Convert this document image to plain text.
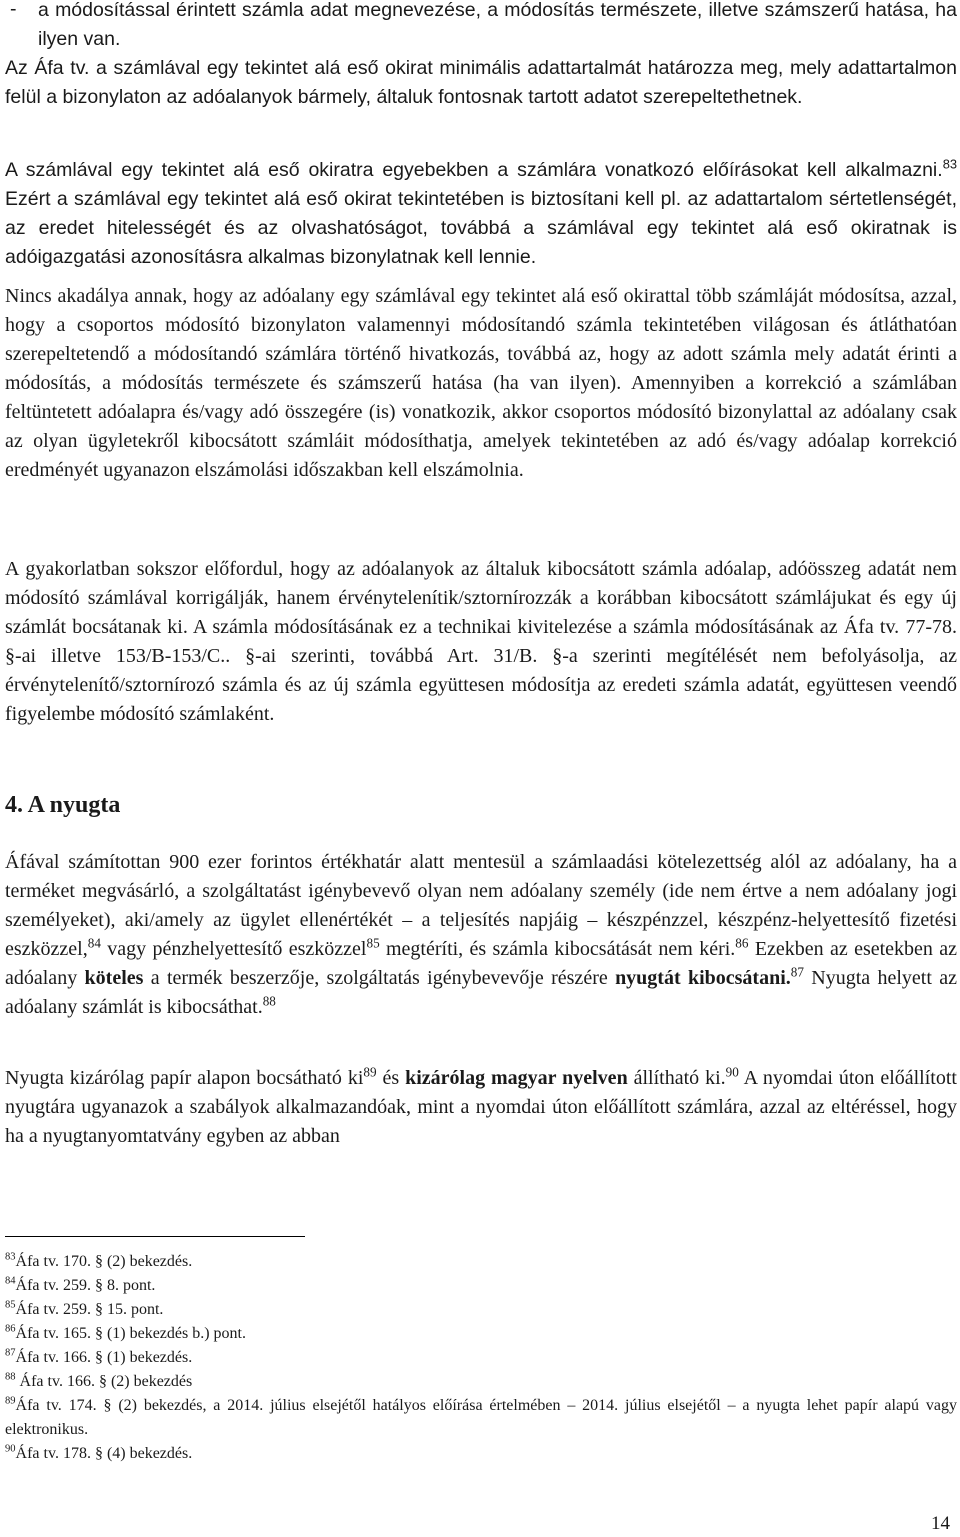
- a módosítással érintett számla adat megnevezése, a módosítás természete, illetve számszerű hatása, ha ilyen van.

Az Áfa tv. a számlával egy tekintet alá eső okirat minimális adattartalmát határozza meg, mely adattartalmon felül a bizonylaton az adóalanyok bármely, általuk fontosnak tartott adatot szerepeltethetnek.

A számlával egy tekintet alá eső okiratra egyebekben a számlára vonatkozó előírásokat kell alkalmazni.$^{83}$ Ezért a számlával egy tekintet alá eső okirat tekintetében is biztosítani kell pl. az adattartalom sértetlenségét, az eredet hitelességét és az olvashatóságot, továbbá a számlával egy tekintet alá eső okiratnak is adóigazgatási azonosításra alkalmas bizonylatnak kell lennie.

Nincs akadálya annak, hogy az adóalany egy számlával egy tekintet alá eső okirattal több számláját módosítsa, azzal, hogy a csoportos módosító bizonylaton valamennyi módosítandó számla tekintetében világosan és átláthatóan szerepeltetendő a módosítandó számlára történő hivatkozás, továbbá az, hogy az adott számla mely adatát érinti a módosítás, a módosítás természete és számszerű hatása (ha van ilyen). Amennyiben a korrekció a számlában feltüntetett adóalapra és/vagy adó összegére (is) vonatkozik, akkor csoportos módosító bizonylattal az adóalany csak az olyan ügyletekről kibocsátott számláit módosíthatja, amelyek tekintetében az adó és/vagy adóalap korrekció eredményét ugyanazon elszámolási időszakban kell elszámolnia.

A gyakorlatban sokszor előfordul, hogy az adóalanyok az általuk kibocsátott számla adóalap, adóösszeg adatát nem módosító számlával korrigálják, hanem érvénytelenítik/sztornírozzák a korábban kibocsátott számlájukat és egy új számlát bocsátanak ki. A számla módosításának ez a technikai kivitelezése a számla módosításának az Áfa tv. 77-78. §-ai illetve 153/B-153/C.. §-ai szerinti, továbbá Art. 31/B. §-a szerinti megítélését nem befolyásolja, az érvénytelenítő/sztornírozó számla és az új számla együttesen módosítja az eredeti számla adatát, együttesen veendő figyelembe módosító számlaként.

4. A nyugta

Áfával számítottan 900 ezer forintos értékhatár alatt mentesül a számlaadási kötelezettség alól az adóalany, ha a terméket megvásárló, a szolgáltatást igénybevevő olyan nem adóalany személy (ide nem értve a nem adóalany jogi személyeket), aki/amely az ügylet ellenértékét – a teljesítés napjáig – készpénzzel, készpénz-helyettesítő fizetési eszközzel,$^{84}$ vagy pénzhelyettesítő eszközzel$^{85}$ megtéríti, és számla kibocsátását nem kéri.$^{86}$ Ezekben az esetekben az adóalany köteles a termék beszerzője, szolgáltatás igénybevevője részére nyugtát kibocsátani.$^{87}$ Nyugta helyett az adóalany számlát is kibocsáthat.$^{88}$

Nyugta kizárólag papír alapon bocsátható $ki^{89}$ és kizárólag magyar nyelven állítható ki.$^{90}$ A nyomdai úton előállított nyugtára ugyanazok a szabályok alkalmazandóak, mint a nyomdai úton előállított számlára, azzal az eltéréssel, hogy ha a nyugtanyomtatvány egyben az abban

$^{83}$Áfa tv. 170. § (2) bekezdés.

$^{84}$Áfa tv. 259. § 8. pont.

$^{85}$Áfa tv. 259. § 15. pont.

$^{86}$Áfa tv. 165. § (1) bekezdés b.) pont.

$^{87}$Áfa tv. 166. § (1) bekezdés.

$^{88}$ Áfa tv. 166. § (2) bekezdés

$^{89}$Áfa tv. 174. § (2) bekezdés, a 2014. július elsejétől hatályos előírása értelmében – 2014. július elsejétől – a nyugta lehet papír alapú vagy elektronikus.

$^{90}$Áfa tv. 178. § (4) bekezdés.

14
